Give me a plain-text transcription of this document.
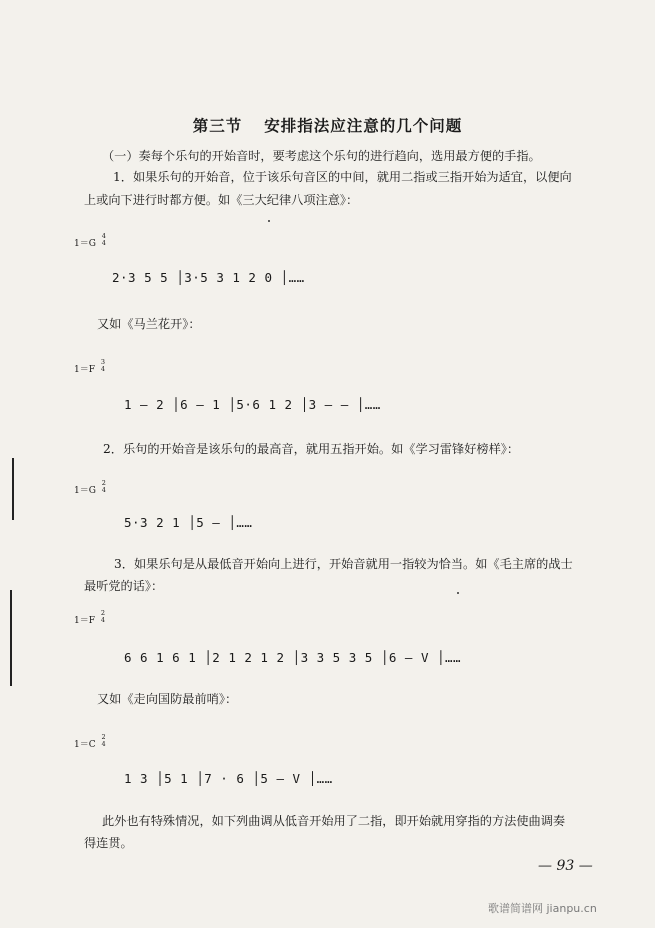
第三节 安排指法应注意的几个问题
（一）奏每个乐句的开始音时，要考虑这个乐句的进行趋向，选用最方便的手指。
1．如果乐句的开始音，位于该乐句音区的中间，就用二指或三指开始为适宜，以便向
上或向下进行时都方便。如《三大纪律八项注意》：
1＝G
4
4
2·3 5 5 │3·5 3 1 2 0 │……
又如《马兰花开》：
1＝F
3
4
1 — 2 │6 — 1 │5·6 1 2 │3 — — │……
2．乐句的开始音是该乐句的最高音，就用五指开始。如《学习雷锋好榜样》：
1＝G
2
4
5·3 2 1 │5 — │……
3．如果乐句是从最低音开始向上进行，开始音就用一指较为恰当。如《毛主席的战士
最听党的话》：
1＝F
2
4
6 6 1 6 1 │2 1 2 1 2 │3 3 5 3 5 │6 — V │……
又如《走向国防最前哨》：
1＝C
2
4
1 3 │5 1 │7 · 6 │5 — V │……
此外也有特殊情况，如下列曲调从低音开始用了二指，即开始就用穿指的方法使曲调奏
得连贯。
— 93 —
歌谱简谱网 jianpu.cn
